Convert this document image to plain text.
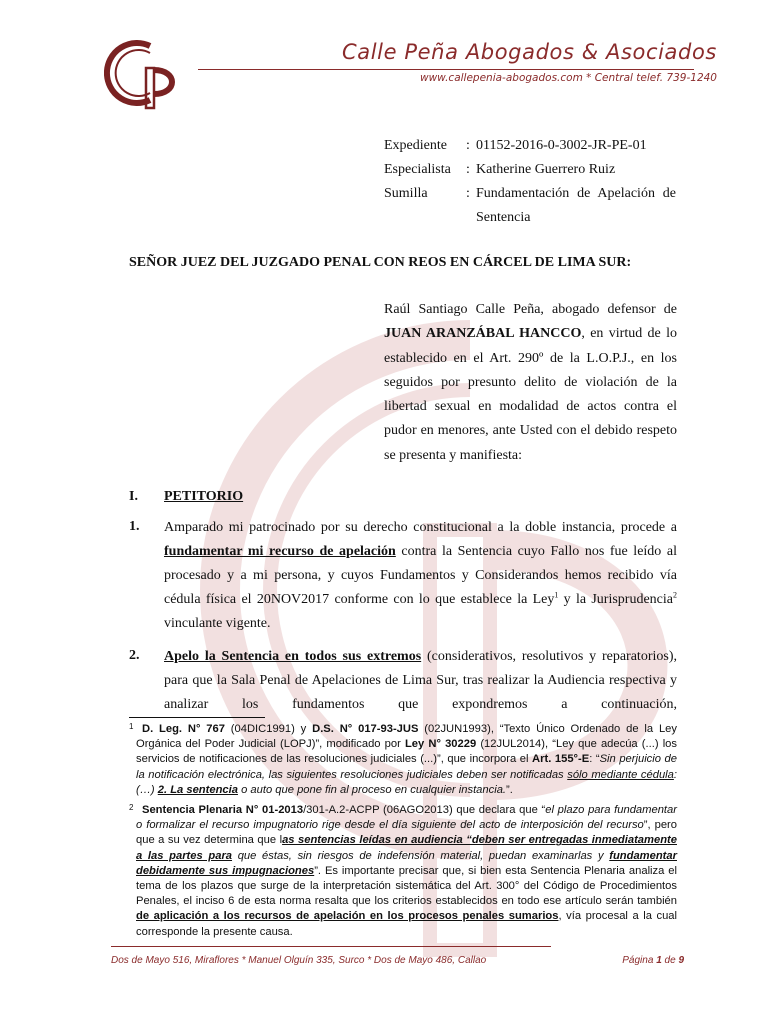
Calle Peña Abogados & Asociados
www.callepenia-abogados.com * Central telef. 739-1240
Expediente : 01152-2016-0-3002-JR-PE-01
Especialista : Katherine Guerrero Ruiz
Sumilla	: Fundamentación de Apelación de Sentencia
SEÑOR JUEZ DEL JUZGADO PENAL CON REOS EN CÁRCEL DE LIMA SUR:
Raúl Santiago Calle Peña, abogado defensor de JUAN ARANZÁBAL HANCCO, en virtud de lo establecido en el Art. 290º de la L.O.P.J., en los seguidos por presunto delito de violación de la libertad sexual en modalidad de actos contra el pudor en menores, ante Usted con el debido respeto se presenta y manifiesta:
I. PETITORIO
1. Amparado mi patrocinado por su derecho constitucional a la doble instancia, procede a fundamentar mi recurso de apelación contra la Sentencia cuyo Fallo nos fue leído al procesado y a mi persona, y cuyos Fundamentos y Considerandos hemos recibido vía cédula física el 20NOV2017 conforme con lo que establece la Ley$^1$ y la Jurisprudencia$^2$ vinculante vigente.
2. Apelo la Sentencia en todos sus extremos (considerativos, resolutivos y reparatorios), para que la Sala Penal de Apelaciones de Lima Sur, tras realizar la Audiencia respectiva y analizar los fundamentos que expondremos a continuación,
1 D. Leg. N° 767 (04DIC1991) y D.S. N° 017-93-JUS (02JUN1993), “Texto Único Ordenado de la Ley Orgánica del Poder Judicial (LOPJ)”, modificado por Ley N° 30229 (12JUL2014), “Ley que adecúa (...) los servicios de notificaciones de las resoluciones judiciales (...)”, que incorpora el Art. 155°-E: “Sin perjuicio de la notificación electrónica, las siguientes resoluciones judiciales deben ser notificadas sólo mediante cédula: (…) 2. La sentencia o auto que pone fin al proceso en cualquier instancia.”.
2 Sentencia Plenaria N° 01-2013/301-A.2-ACPP (06AGO2013) que declara que “el plazo para fundamentar o formalizar el recurso impugnatorio rige desde el día siguiente del acto de interposición del recurso”, pero que a su vez determina que las sentencias leídas en audiencia “deben ser entregadas inmediatamente a las partes para que éstas, sin riesgos de indefensión material, puedan examinarlas y fundamentar debidamente sus impugnaciones”. Es importante precisar que, si bien esta Sentencia Plenaria analiza el tema de los plazos que surge de la interpretación sistemática del Art. 300° del Código de Procedimientos Penales, el inciso 6 de esta norma resalta que los criterios establecidos en todo ese artículo serán también de aplicación a los recursos de apelación en los procesos penales sumarios, vía procesal a la cual corresponde la presente causa.
Dos de Mayo 516, Miraflores * Manuel Olguín 335, Surco * Dos de Mayo 486, Callao	Página 1 de 9
